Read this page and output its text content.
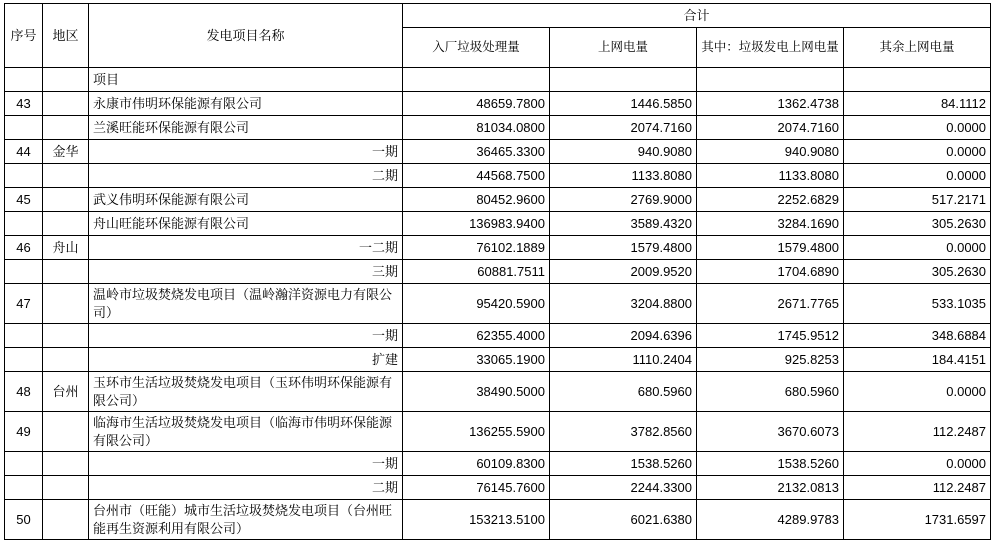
序号	地区	发电项目名称	合计			
			入厂垃圾处理量	上网电量	其中：垃圾发电上网电量	其余上网电量
		项目				
43		永康市伟明环保能源有限公司	48659.7800	1446.5850	1362.4738	84.1112
		兰溪旺能环保能源有限公司	81034.0800	2074.7160	2074.7160	0.0000
44	金华	一期	36465.3300	940.9080	940.9080	0.0000
		二期	44568.7500	1133.8080	1133.8080	0.0000
45		武义伟明环保能源有限公司	80452.9600	2769.9000	2252.6829	517.2171
		舟山旺能环保能源有限公司	136983.9400	3589.4320	3284.1690	305.2630
46	舟山	一二期	76102.1889	1579.4800	1579.4800	0.0000
		三期	60881.7511	2009.9520	1704.6890	305.2630
47		温岭市垃圾焚烧发电项目（温岭瀚洋资源电力有限公司）	95420.5900	3204.8800	2671.7765	533.1035
		一期	62355.4000	2094.6396	1745.9512	348.6884
		扩建	33065.1900	1110.2404	925.8253	184.4151
48	台州	玉环市生活垃圾焚烧发电项目（玉环伟明环保能源有限公司）	38490.5000	680.5960	680.5960	0.0000
49		临海市生活垃圾焚烧发电项目（临海市伟明环保能源有限公司）	136255.5900	3782.8560	3670.6073	112.2487
		一期	60109.8300	1538.5260	1538.5260	0.0000
		二期	76145.7600	2244.3300	2132.0813	112.2487
50		台州市（旺能）城市生活垃圾焚烧发电项目（台州旺能再生资源利用有限公司）	153213.5100	6021.6380	4289.9783	1731.6597
